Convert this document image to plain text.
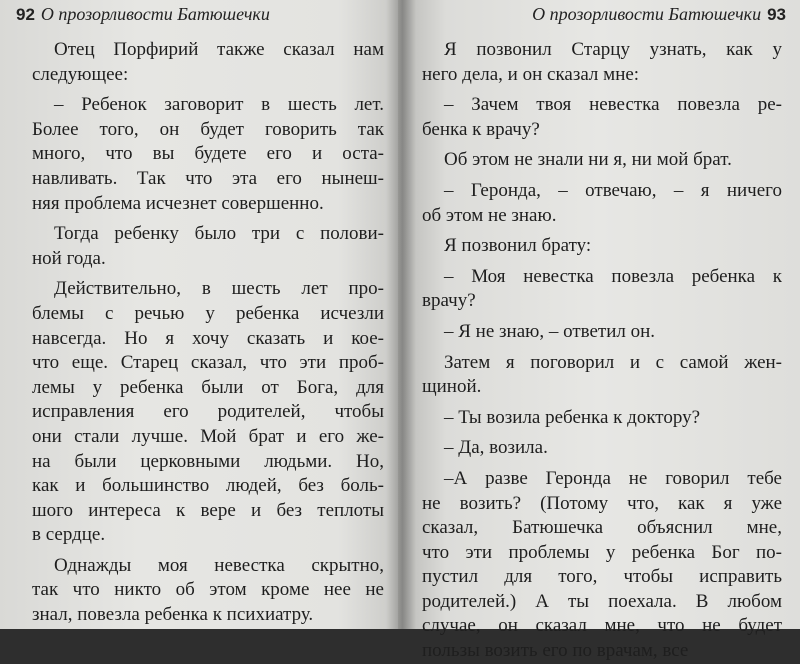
92 О прозорливости Батюшечки
Отец Порфирий также сказал нам
следующее:
– Ребенок заговорит в шесть лет.
Более того, он будет говорить так
много, что вы будете его и оста-
навливать. Так что эта его нынеш-
няя проблема исчезнет совершенно.
Тогда ребенку было три с полови-
ной года.
Действительно, в шесть лет про-
блемы с речью у ребенка исчезли
навсегда. Но я хочу сказать и кое-
что еще. Старец сказал, что эти проб-
лемы у ребенка были от Бога, для
исправления его родителей, чтобы
они стали лучше. Мой брат и его же-
на были церковными людьми. Но,
как и большинство людей, без боль-
шого интереса к вере и без теплоты
в сердце.
Однажды моя невестка скрытно,
так что никто об этом кроме нее не
знал, повезла ребенка к психиатру.
О прозорливости Батюшечки 93
Я позвонил Старцу узнать, как у
него дела, и он сказал мне:
– Зачем твоя невестка повезла ре-
бенка к врачу?
Об этом не знали ни я, ни мой брат.
– Геронда, – отвечаю, – я ничего
об этом не знаю.
Я позвонил брату:
– Моя невестка повезла ребенка к
врачу?
– Я не знаю, – ответил он.
Затем я поговорил и с самой жен-
щиной.
– Ты возила ребенка к доктору?
– Да, возила.
–А разве Геронда не говорил тебе
не возить? (Потому что, как я уже
сказал, Батюшечка объяснил мне,
что эти проблемы у ребенка Бог по-
пустил для того, чтобы исправить
родителей.) А ты поехала. В любом
случае, он сказал мне, что не будет
пользы возить его по врачам, все
